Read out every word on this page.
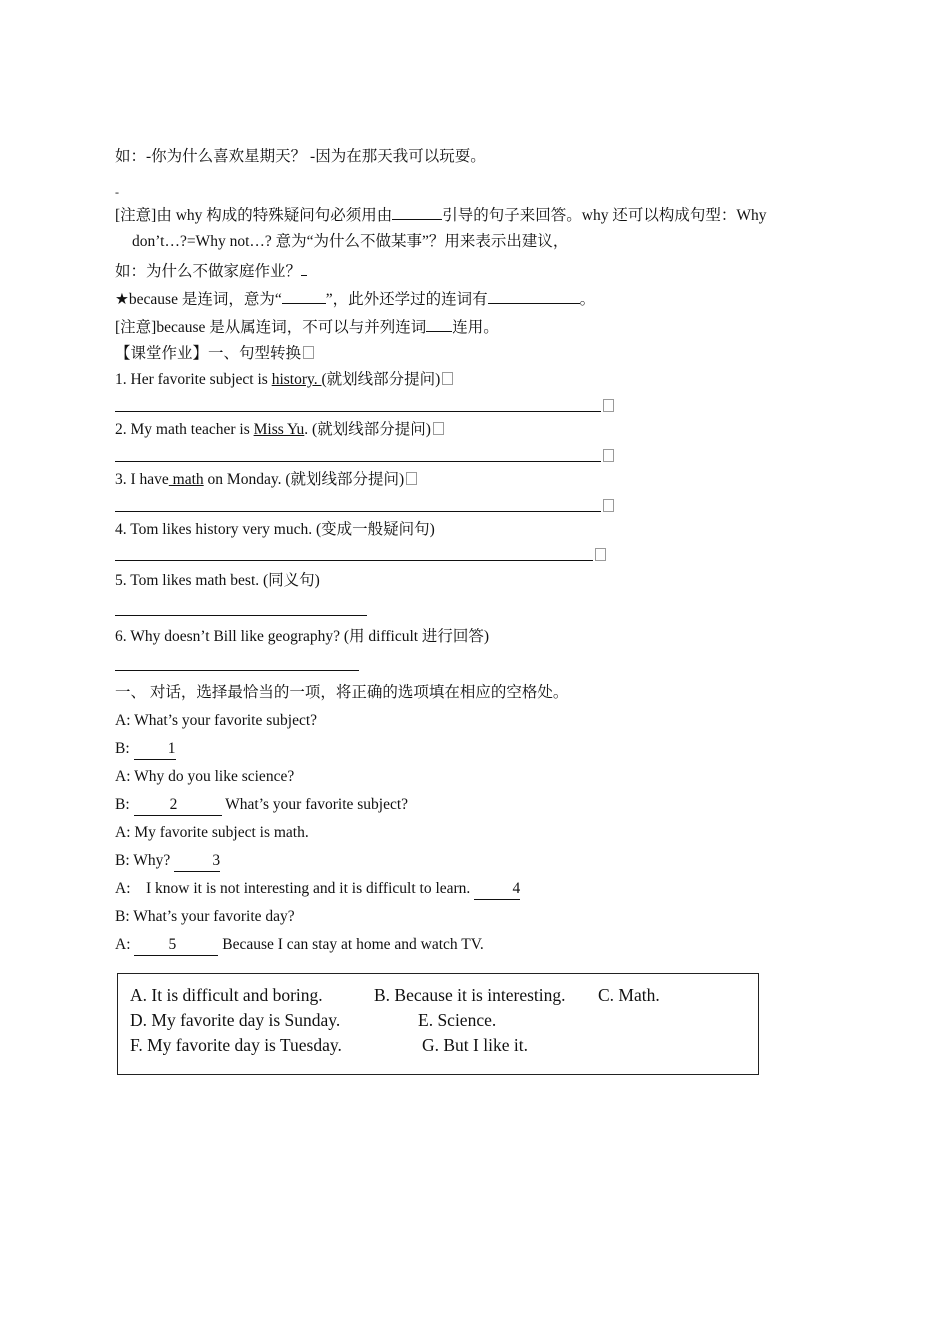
如：-你为什么喜欢星期天？ -因为在那天我可以玩耍。
-
[注意]由 why 构成的特殊疑问句必须用由	引导的句子来回答。why 还可以构成句型：Why
don’t…?=Why not…? 意为“为什么不做某事”？用来表示出建议，
如：为什么不做家庭作业？
★because 是连词，意为“	”，此外还学过的连词有	。
[注意]because 是从属连词，不可以与并列连词 连用。
【课堂作业】一、句型转换
1. Her favorite subject is history. (就划线部分提问)
2. My math teacher is Miss Yu. (就划线部分提问)
3. I have math on Monday. (就划线部分提问)
4. Tom likes history very much. (变成一般疑问句)
5. Tom likes math best. (同义句)
6. Why doesn’t Bill like geography? (用 difficult 进行回答)
一、 对话，选择最恰当的一项，将正确的选项填在相应的空格处。
A: What’s your favorite subject?
B: 1
A: Why do you like science?
B: 2	What’s your favorite subject?
A: My favorite subject is math.
B: Why? 3
A:    I know it is not interesting and it is difficult to learn. 4
B: What’s your favorite day?
A: 5	Because I can stay at home and watch TV.
A. It is difficult and boring.	B. Because it is interesting. C. Math.
D. My favorite day is Sunday.	E. Science.
F. My favorite day is Tuesday.	G. But I like it.
